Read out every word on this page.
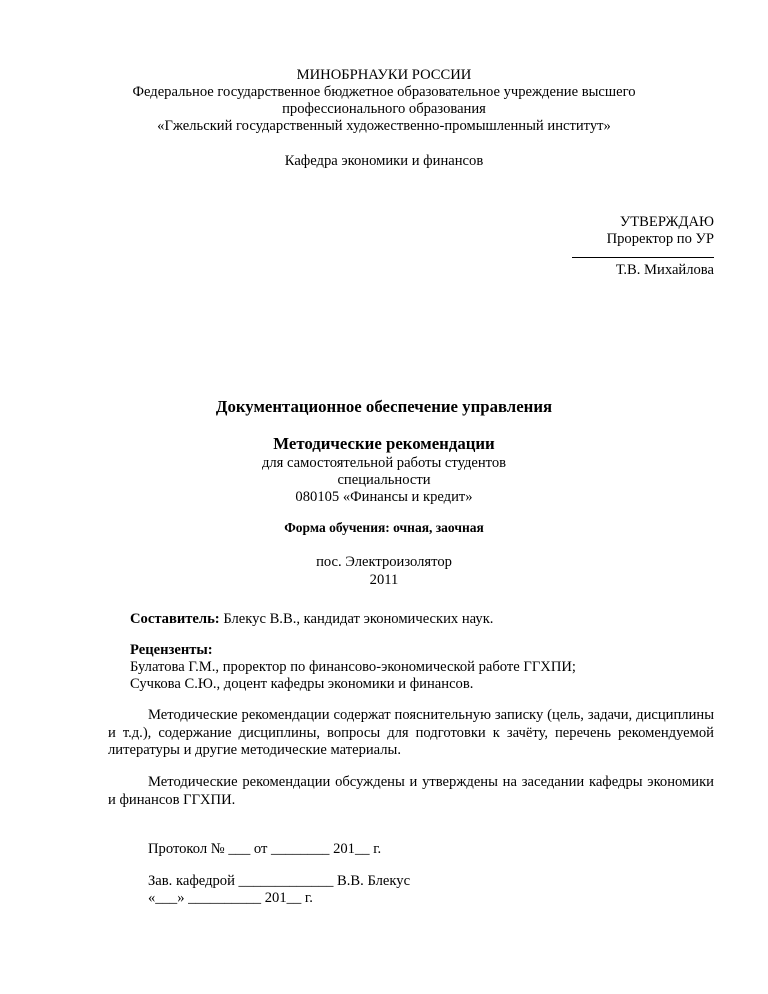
МИНОБРНАУКИ РОССИИ
Федеральное государственное бюджетное образовательное учреждение высшего
профессионального образования
«Гжельский государственный художественно-промышленный институт»
Кафедра экономики и финансов
УТВЕРЖДАЮ
Проректор по УР
Т.В. Михайлова
Документационное обеспечение управления
Методические рекомендации
для самостоятельной работы студентов
специальности
080105 «Финансы и кредит»
Форма обучения: очная, заочная
пос. Электроизолятор
2011
Составитель: Блекус В.В., кандидат экономических наук.
Рецензенты:
Булатова Г.М., проректор по финансово-экономической работе ГГХПИ;
Сучкова С.Ю., доцент кафедры экономики и финансов.
Методические рекомендации содержат пояснительную записку (цель, задачи, дисциплины и т.д.), содержание дисциплины, вопросы для подготовки к зачёту, перечень рекомендуемой литературы и другие методические материалы.
Методические рекомендации обсуждены и утверждены на заседании кафедры экономики и финансов ГГХПИ.
Протокол № ___ от ________ 201__ г.
Зав. кафедрой _____________ В.В. Блекус
«___» __________ 201__ г.
